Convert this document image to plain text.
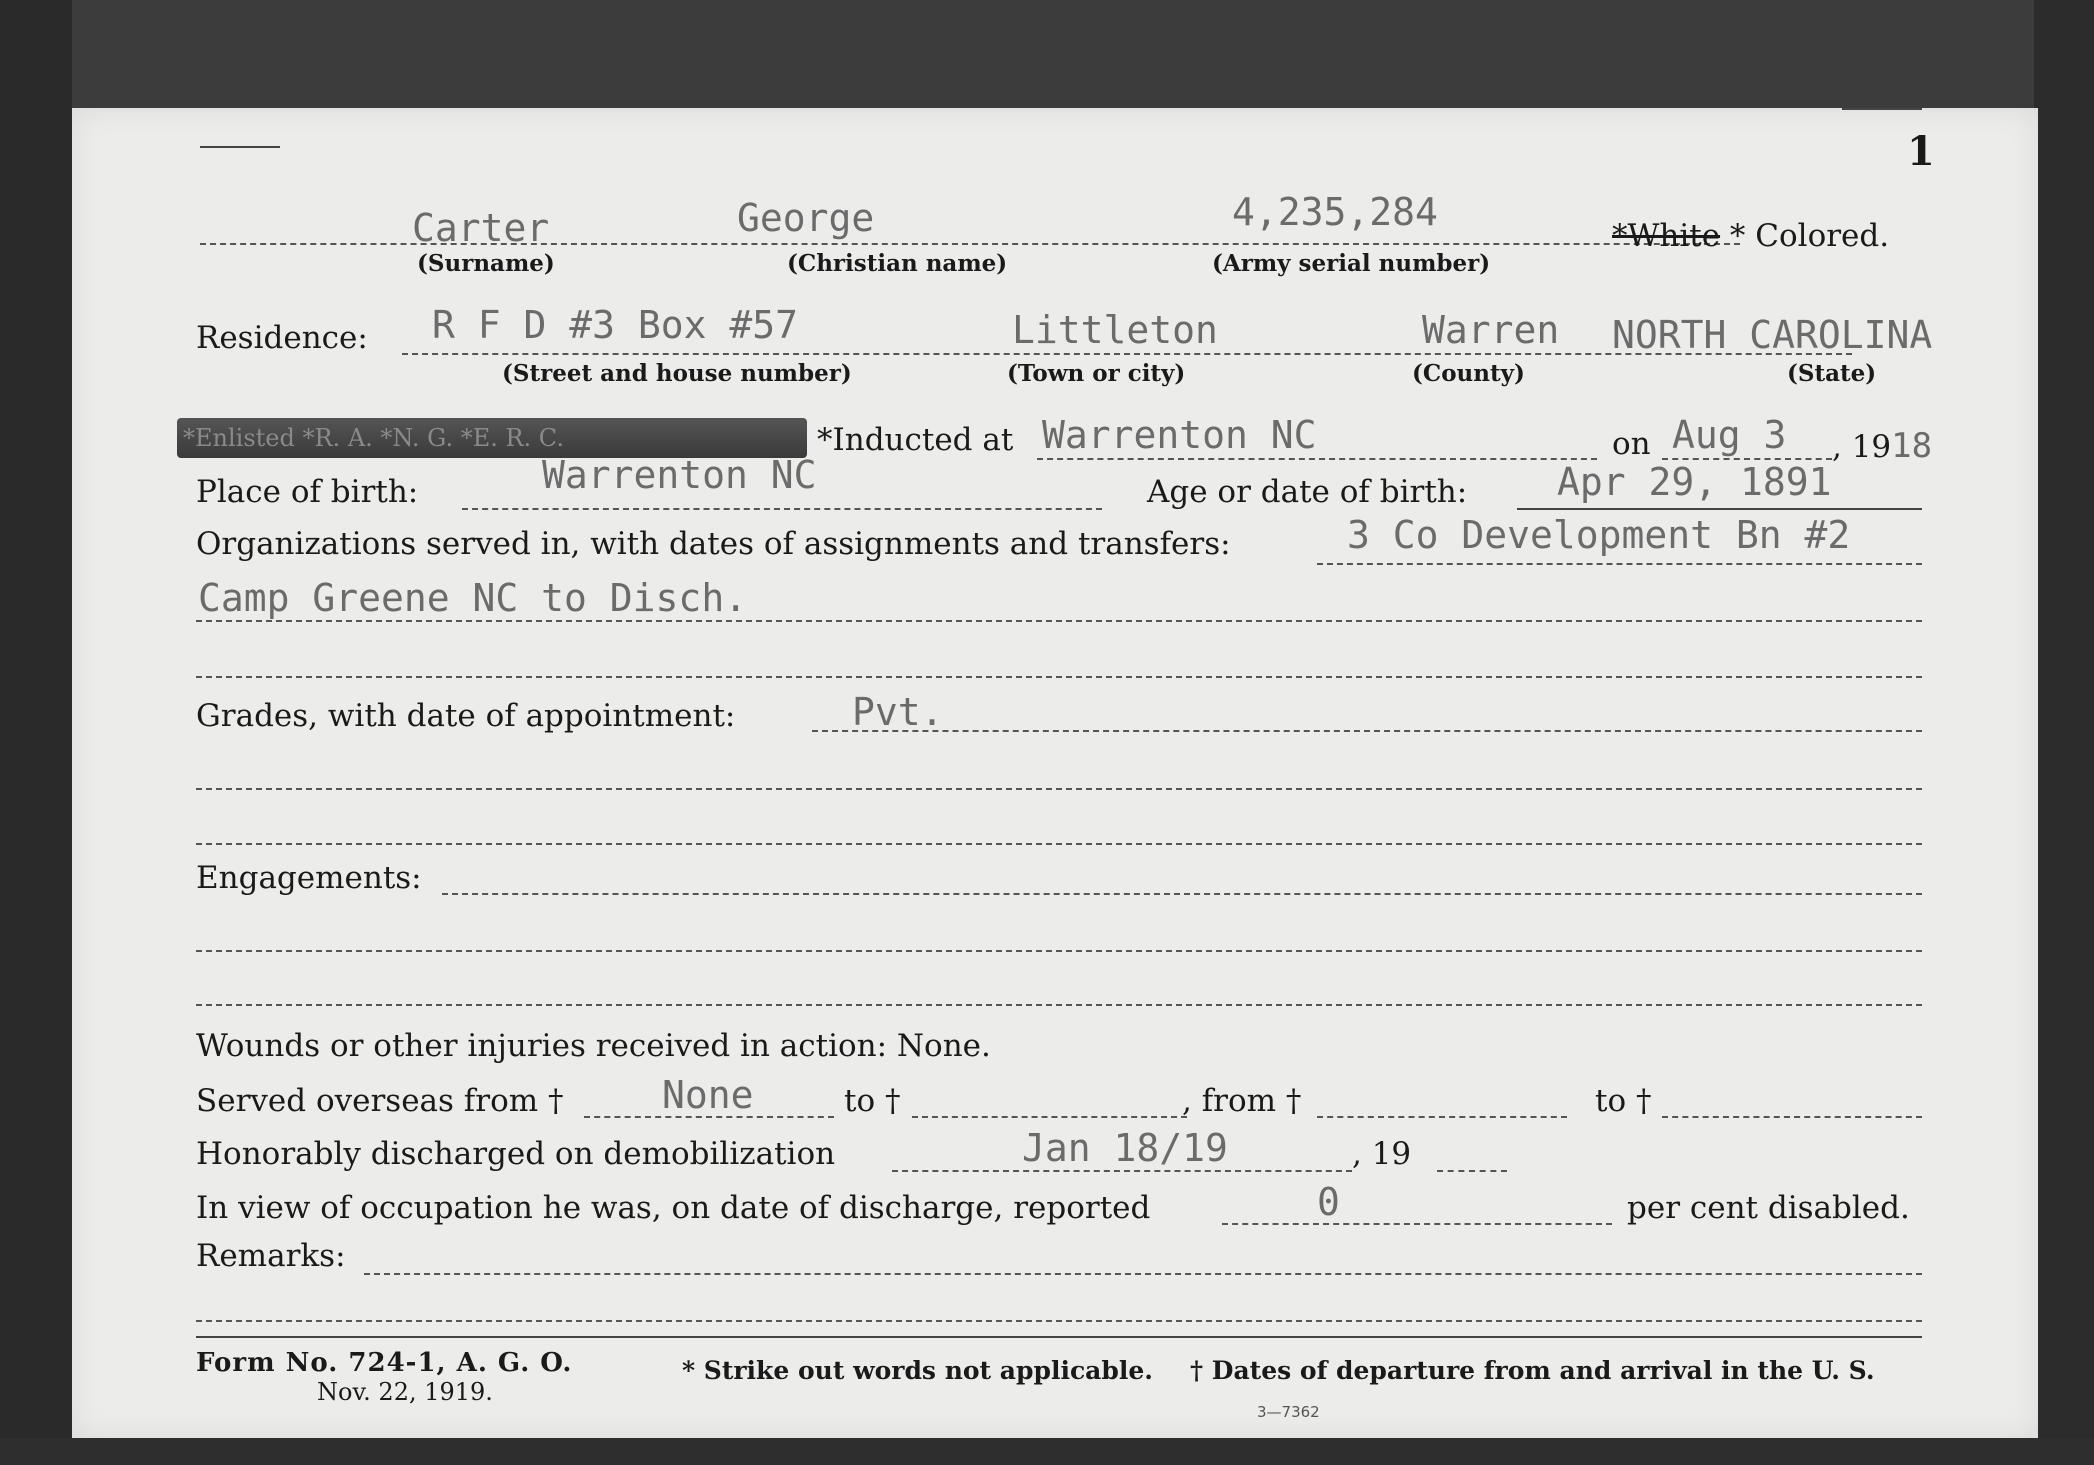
1
Carter	George	4,235,284
(Surname)	(Christian name)	(Army serial number)
*White * Colored.
Residence: R F D #3 Box #57	Littleton	Warren NORTH CAROLINA
(Street and house number)	(Town or city)	(County)	(State)
*Enlisted *R. A. *N. G. *E. R. C.	*Inducted at Warrenton NC	on Aug 3 , 1918
Place of birth:	Warrenton NC	Age or date of birth: Apr 29, 1891
Organizations served in, with dates of assignments and transfers:	3 Co Development Bn #2
Camp Greene NC to Disch.
Grades, with date of appointment:	Pvt.
Engagements:
Wounds or other injuries received in action: None.
Served overseas from †	None	to †	, from †	to †
Honorably discharged on demobilization	Jan 18/19	, 19
In view of occupation he was, on date of discharge, reported	0	per cent disabled.
Remarks:
Form No. 724-1, A. G. O.
Nov. 22, 1919.
* Strike out words not applicable. † Dates of departure from and arrival in the U. S.
3—7362
